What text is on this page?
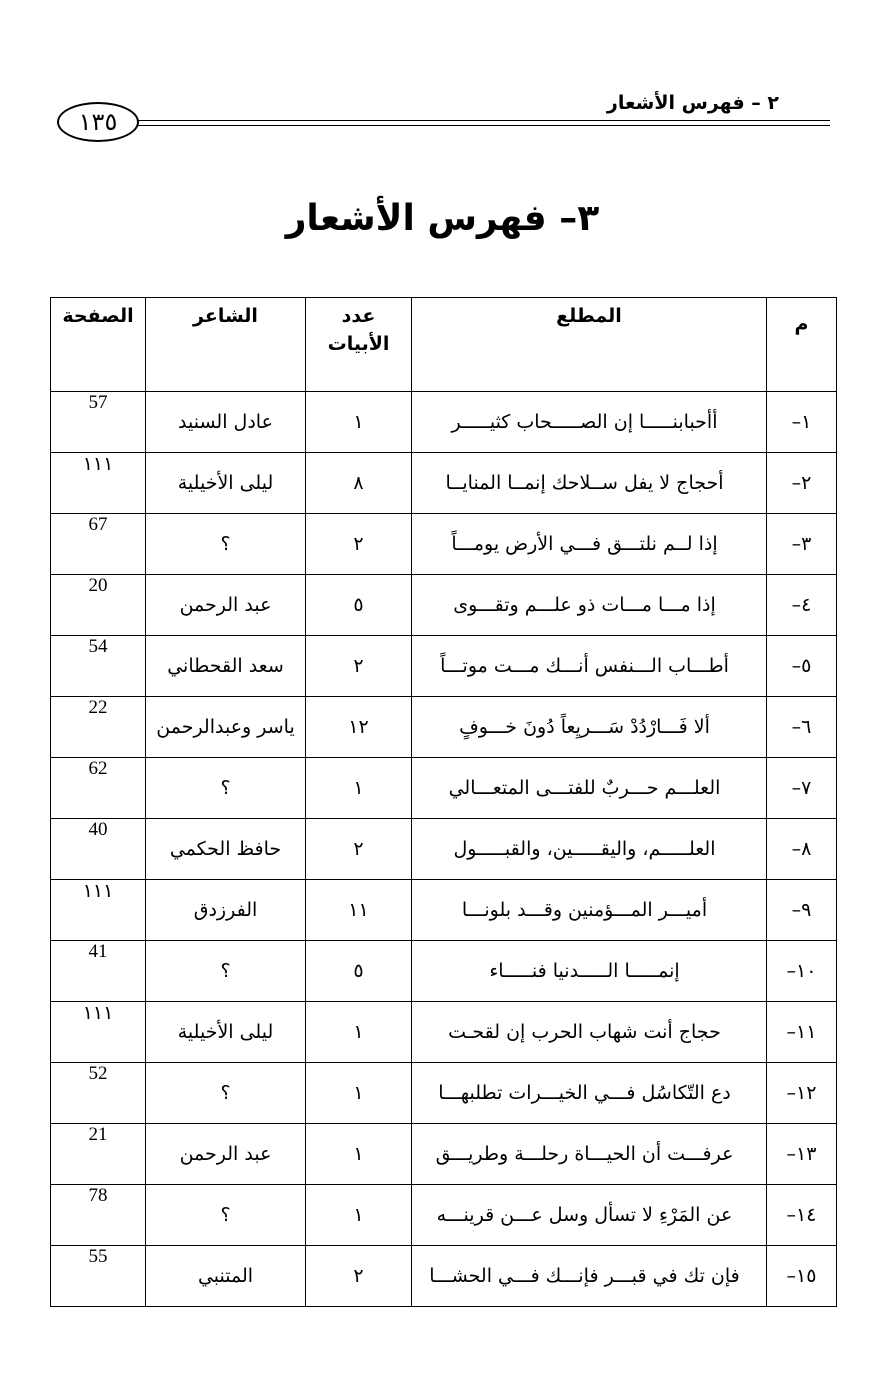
٢ – فهرس الأشعار
١٣٥
٣– فهرس الأشعار
م	المطلع	عدد الأبيات	الشاعر	الصفحة
١–	أأحبابنـــــا إن الصـــــحاب كثيـــــر	١	عادل السنيد	57
٢–	أحجاج لا يفل ســلاحك إنمــا المنايــا	٨	ليلى الأخيلية	١١١
٣–	إذا لــم نلتـــق فـــي الأرض يومـــاً	٢	؟	67
٤–	إذا مـــا مـــات ذو علـــم وتقـــوى	٥	عبد الرحمن	20
٥–	أطـــاب الـــنفس أنـــك مـــت موتـــاً	٢	سعد القحطاني	54
٦–	ألا فَـــارْدُدْ سَـــريِعاً دُونَ خـــوفٍ	١٢	ياسر وعبدالرحمن	22
٧–	العلـــم حـــربٌ للفتـــى المتعـــالي	١	؟	62
٨–	العلـــــم، واليقـــــين، والقبـــــول	٢	حافظ الحكمي	40
٩–	أميـــر المـــؤمنين وقـــد بلونـــا	١١	الفرزدق	١١١
١٠–	إنمـــــا الـــــدنيا فنـــــاء	٥	؟	41
١١–	حجاج أنت شهاب الحرب إن لقحـت	١	ليلى الأخيلية	١١١
١٢–	دع التّكاسُل فـــي الخيـــرات تطلبهـــا	١	؟	52
١٣–	عرفـــت أن الحيـــاة رحلـــة وطريـــق	١	عبد الرحمن	21
١٤–	عن المَرْءِ لا تسأل وسل عـــن قرينـــه	١	؟	78
١٥–	فإن تك في قبـــر فإنـــك فـــي الحشـــا	٢	المتنبي	55
